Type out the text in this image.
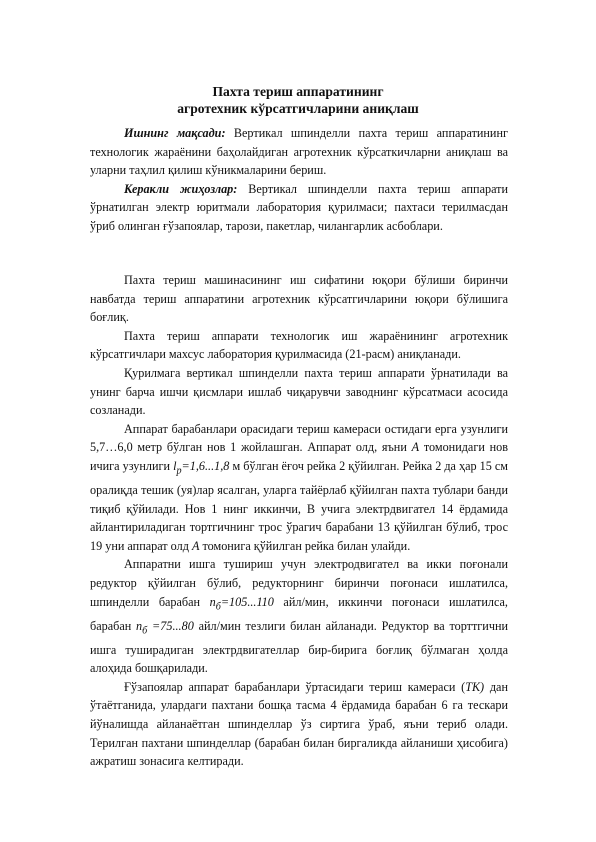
Пахта териш аппаратининг
агротехник кўрсатгичларини аниқлаш

Ишнинг мақсади: Вертикал шпинделли пахта териш аппаратининг технологик жараёнини баҳолайдиган агротехник кўрсаткичларни аниқлаш ва уларни таҳлил қилиш кўникмаларини бериш.

Керакли жиҳозлар: Вертикал шпинделли пахта териш аппарати ўрнатилган электр юритмали лаборатория қурилмаси; пахтаси терилмасдан ўриб олинган ғўзапоялар, тарози, пакетлар, чилангарлик асбоблари.

Пахта териш машинасининг иш сифатини юқори бўлиши биринчи навбатда териш аппаратини агротехник кўрсатгичларини юқори бўлишига боғлиқ.

Пахта териш аппарати технологик иш жараёнининг агротехник кўрсатгичлари махсус лаборатория қурилмасида (21-расм) аниқланади.

Қурилмага вертикал шпинделли пахта териш аппарати ўрнатилади ва унинг барча ишчи қисмлари ишлаб чиқарувчи заводнинг кўрсатмаси асосида созланади.

Аппарат барабанлари орасидаги териш камераси остидаги ерга узунлиги 5,7…6,0 метр бўлган нов 1 жойлашган. Аппарат олд, яъни А томонидаги нов ичига узунлиги $l_р=1,6...1,8$ м бўлган ёғоч рейка 2 қўйилган. Рейка 2 да ҳар 15 см оралиқда тешик (уя)лар ясалган, уларга тайёрлаб қўйилган пахта тублари банди тиқиб қўйилади. Нов 1 нинг иккинчи, В учига электрдвигател 14 ёрдамида айлантириладиган тортгичнинг трос ўрагич барабани 13 қўйилган бўлиб, трос 19 уни аппарат олд А томонига қўйилган рейка билан улайди.

Аппаратни ишга тушириш учун электродвигател ва икки поғонали редуктор қўйилган бўлиб, редукторнинг биринчи поғонаси ишлатилса, шпинделли барабан $n_б=105...110$ айл/мин, иккинчи поғонаси ишлатилса, барабан $n_б =75...80$ айл/мин тезлиги билан айланади. Редуктор ва торттгични ишга туширадиган электрдвигателлар бир-бирига боғлиқ бўлмаган ҳолда алоҳида бошқарилади.

Ғўзапоялар аппарат барабанлари ўртасидаги териш камераси (ТК) дан ўтаётганида, улардаги пахтани бошқа тасма 4 ёрдамида барабан 6 га тескари йўналишда айланаётган шпинделлар ўз сиртига ўраб, яъни териб олади. Терилган пахтани шпинделлар (барабан билан биргаликда айланиши ҳисобига) ажратиш зонасига келтиради.
